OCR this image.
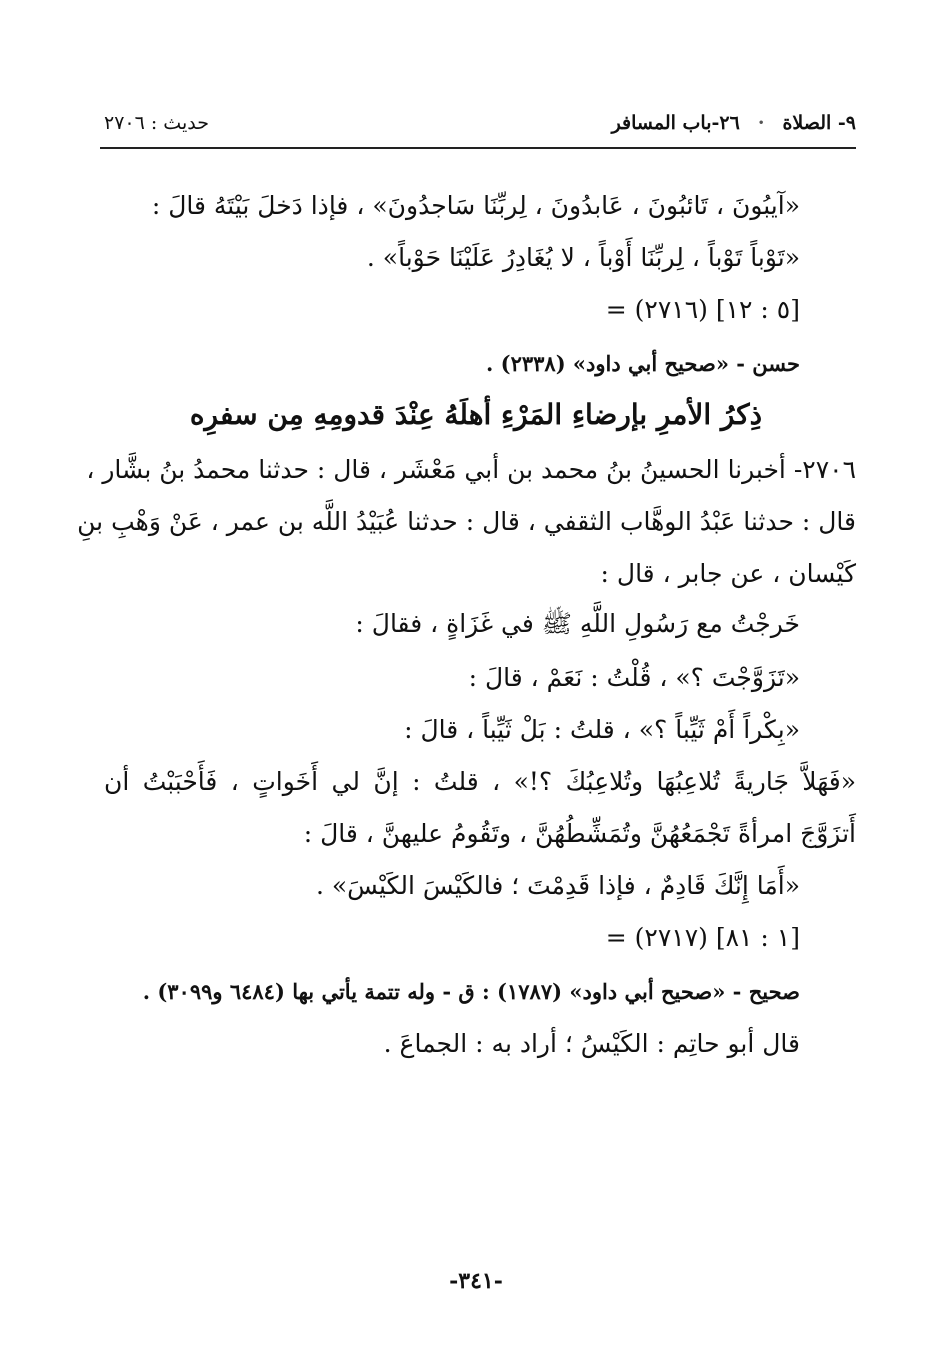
٩- الصلاة·٢٦-باب المسافر
حديث : ٢٧٠٦
«آيبُونَ ، تَائبُونَ ، عَابدُونَ ، لِربِّنَا سَاجدُونَ» ، فإذا دَخلَ بَيْتَهُ قالَ :
«تَوْباً تَوْباً ، لِربِّنَا أَوْباً ، لا يُغَادِرُ عَلَيْنَا حَوْباً» .
= (٢٧١٦) [٥ : ١٢]
حسن - «صحيح أبي داود» (٢٣٣٨) .
ذِكرُ الأمرِ بإرضاءِ المَرْءِ أهلَهُ عِنْدَ قدومِهِ مِن سفرِه
٢٧٠٦- أخبرنا الحسينُ بنُ محمد بن أبي مَعْشَر ، قال : حدثنا محمدُ بنُ بشَّار ،
قال : حدثنا عَبْدُ الوهَّاب الثقفي ، قال : حدثنا عُبَيْدُ اللَّه بن عمر ، عَنْ وَهْبِ بنِ
كَيْسان ، عن جابر ، قال :
خَرجْتُ مع رَسُولِ اللَّهِ ﷺ في غَزَاةٍ ، فقالَ :
«تَزَوَّجْتَ ؟» ، قُلْتُ : نَعَمْ ، قالَ :
«بِكْراً أَمْ ثَيِّباً ؟» ، قلتُ : بَلْ ثَيِّباً ، قالَ :
«فَهَلاَّ جَاريةً تُلاعِبُهَا وتُلاعِبُكَ ؟!» ، قلتُ : إنَّ لي أَخَواتٍ ، فَأَحْبَبْتُ أن
أَتزَوَّجَ امرأةً تَجْمَعُهُنَّ وتُمَشِّطُهُنَّ ، وتَقُومُ عليهنَّ ، قالَ :
«أَمَا إِنَّكَ قَادِمٌ ، فإذا قَدِمْتَ ؛ فالكَيْسَ الكَيْسَ» .
= (٢٧١٧) [١ : ٨١]
صحيح - «صحيح أبي داود» (١٧٨٧) : ق - وله تتمة يأتي بها (٦٤٨٤ و٣٠٩٩) .
قال أبو حاتِم : الكَيْسُ ؛ أراد به : الجماعَ .
-٣٤١-
